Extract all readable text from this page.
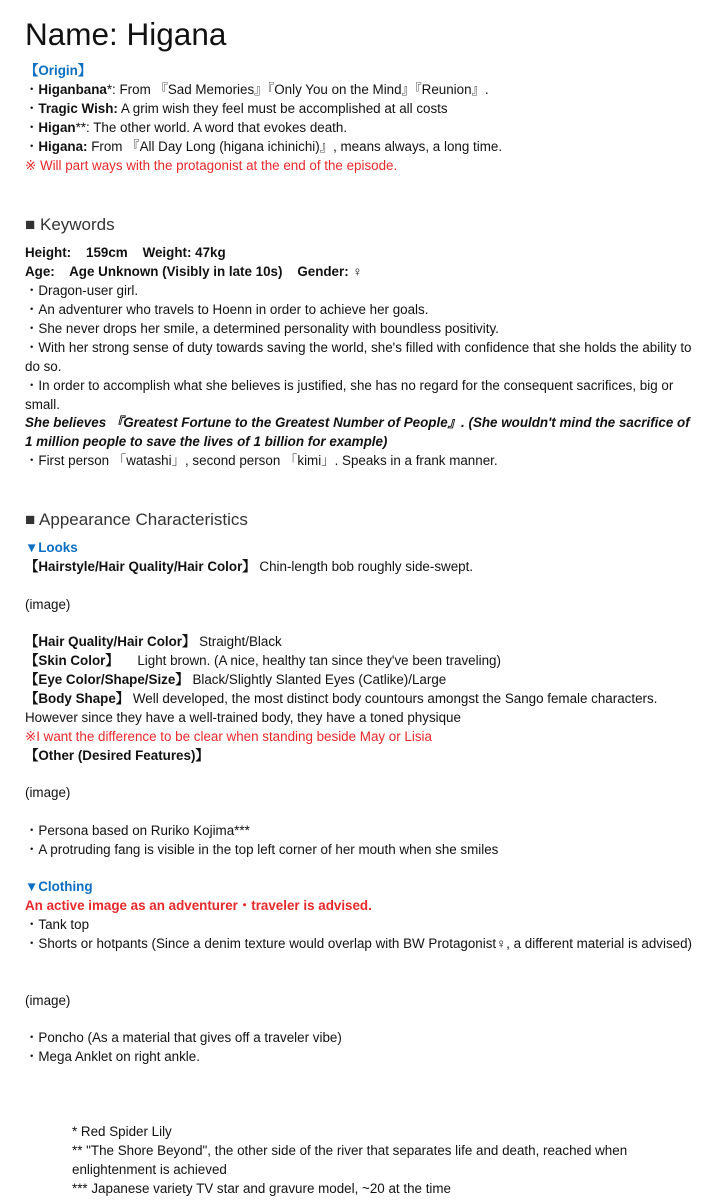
Name: Higana
【Origin】
・Higanbana*: From 『Sad Memories』『Only You on the Mind』『Reunion』.
・Tragic Wish: A grim wish they feel must be accomplished at all costs
・Higan**: The other world. A word that evokes death.
・Higana: From 『All Day Long (higana ichinichi)』, means always, a long time.
※ Will part ways with the protagonist at the end of the episode.
■ Keywords
Height:    159cm    Weight: 47kg
Age:    Age Unknown (Visibly in late 10s)    Gender: ♀
・Dragon-user girl.
・An adventurer who travels to Hoenn in order to achieve her goals.
・She never drops her smile, a determined personality with boundless positivity.
・With her strong sense of duty towards saving the world, she's filled with confidence that she holds the ability to do so.
・In order to accomplish what she believes is justified, she has no regard for the consequent sacrifices, big or small.
She believes 『Greatest Fortune to the Greatest Number of People』. (She wouldn't mind the sacrifice of 1 million people to save the lives of 1 billion for example)
・First person 「watashi」, second person 「kimi」. Speaks in a frank manner.
■ Appearance Characteristics
▼Looks
【Hairstyle/Hair Quality/Hair Color】 Chin-length bob roughly side-swept.
(image)
【Hair Quality/Hair Color】 Straight/Black
【Skin Color】     Light brown. (A nice, healthy tan since they've been traveling)
【Eye Color/Shape/Size】 Black/Slightly Slanted Eyes (Catlike)/Large
【Body Shape】 Well developed, the most distinct body countours amongst the Sango female characters. However since they have a well-trained body, they have a toned physique
※I want the difference to be clear when standing beside May or Lisia
【Other (Desired Features)】
(image)
・Persona based on Ruriko Kojima***
・A protruding fang is visible in the top left corner of her mouth when she smiles
▼Clothing
An active image as an adventurer・traveler is advised.
・Tank top
・Shorts or hotpants (Since a denim texture would overlap with BW Protagonist♀, a different material is advised)
(image)
・Poncho (As a material that gives off a traveler vibe)
・Mega Anklet on right ankle.
* Red Spider Lily
** "The Shore Beyond", the other side of the river that separates life and death, reached when enlightenment is achieved
*** Japanese variety TV star and gravure model, ~20 at the time
